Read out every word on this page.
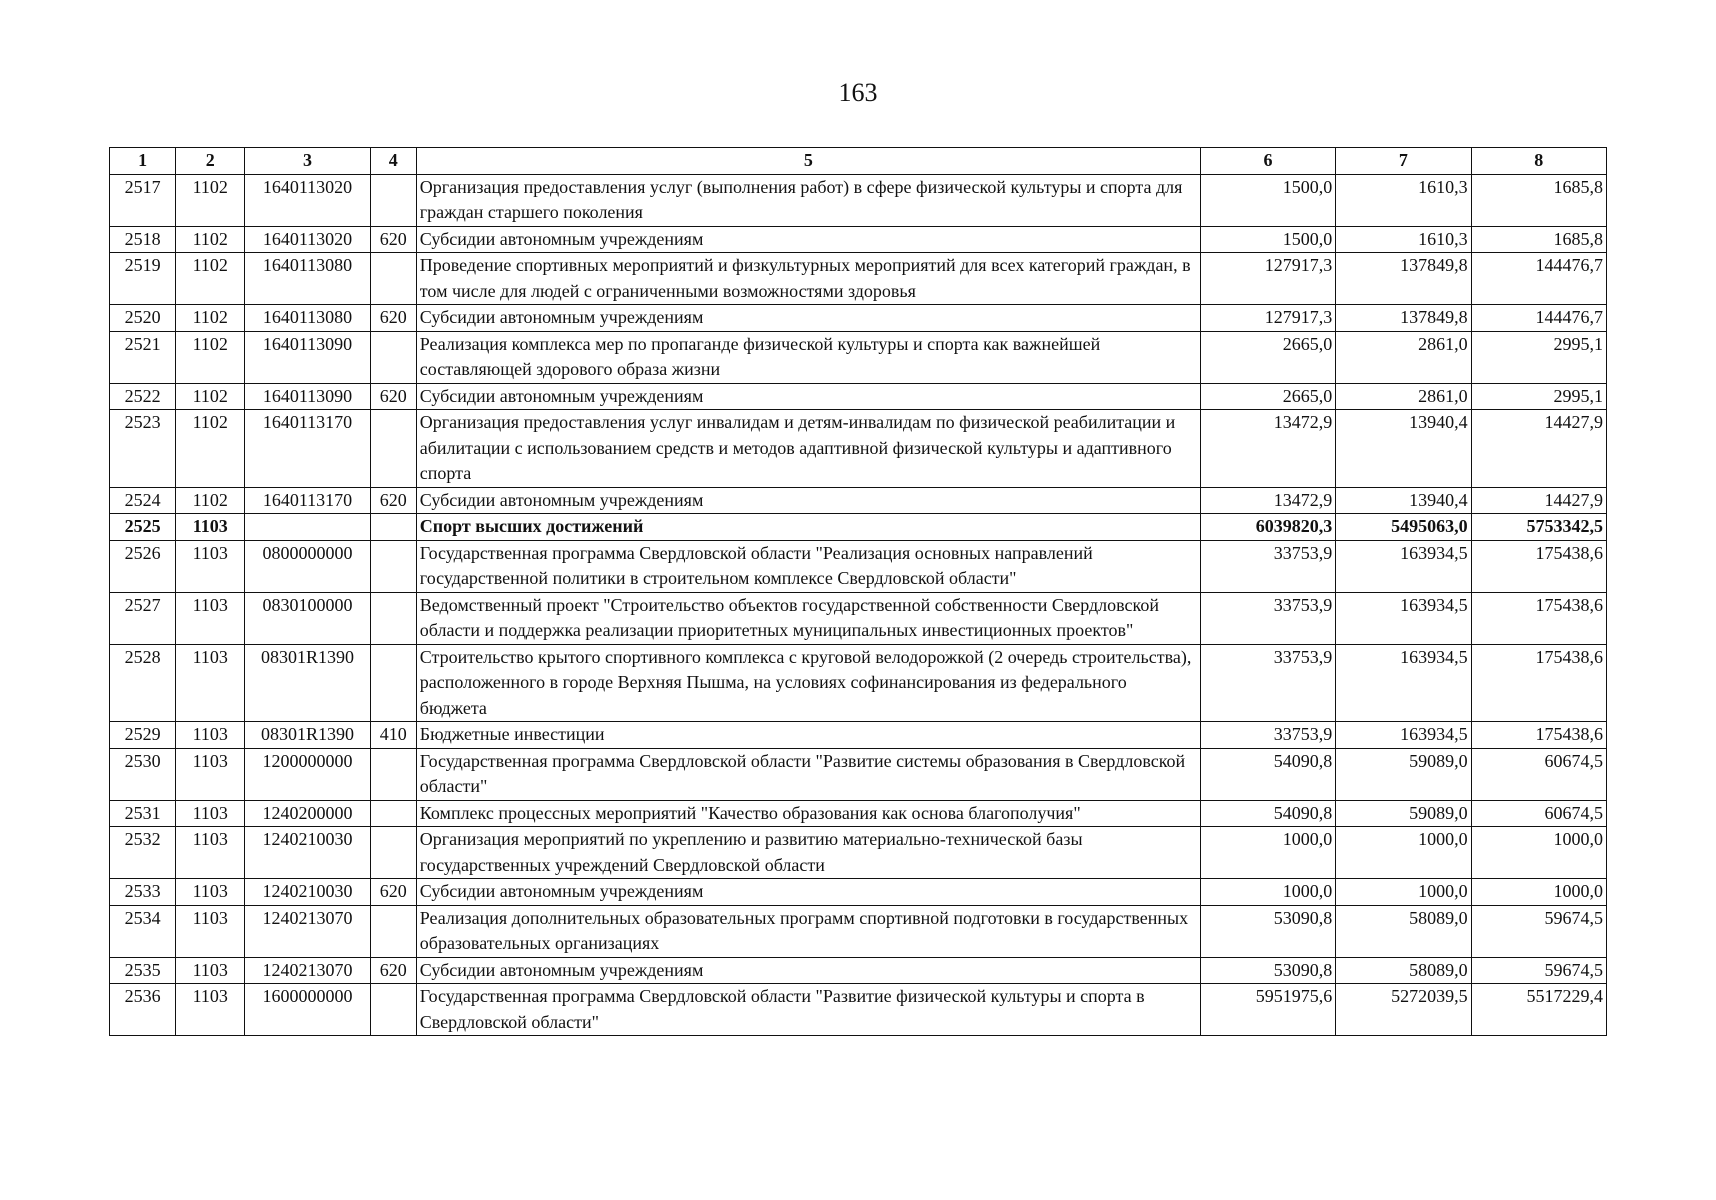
163
1	2	3	4	5	6	7	8
2517	1102	1640113020		Организация предоставления услуг (выполнения работ) в сфере физической культуры и спорта для граждан старшего поколения	1500,0	1610,3	1685,8
2518	1102	1640113020	620	Субсидии автономным учреждениям	1500,0	1610,3	1685,8
2519	1102	1640113080		Проведение спортивных мероприятий и физкультурных мероприятий для всех категорий граждан, в том числе для людей с ограниченными возможностями здоровья	127917,3	137849,8	144476,7
2520	1102	1640113080	620	Субсидии автономным учреждениям	127917,3	137849,8	144476,7
2521	1102	1640113090		Реализация комплекса мер по пропаганде физической культуры и спорта как важнейшей составляющей здорового образа жизни	2665,0	2861,0	2995,1
2522	1102	1640113090	620	Субсидии автономным учреждениям	2665,0	2861,0	2995,1
2523	1102	1640113170		Организация предоставления услуг инвалидам и детям-инвалидам по физической реабилитации и абилитации с использованием средств и методов адаптивной физической культуры и адаптивного спорта	13472,9	13940,4	14427,9
2524	1102	1640113170	620	Субсидии автономным учреждениям	13472,9	13940,4	14427,9
2525	1103			Спорт высших достижений	6039820,3	5495063,0	5753342,5
2526	1103	0800000000		Государственная программа Свердловской области "Реализация основных направлений государственной политики в строительном комплексе Свердловской области"	33753,9	163934,5	175438,6
2527	1103	0830100000		Ведомственный проект "Строительство объектов государственной собственности Свердловской области и поддержка реализации приоритетных муниципальных инвестиционных проектов"	33753,9	163934,5	175438,6
2528	1103	08301R1390		Строительство крытого спортивного комплекса с круговой велодорожкой (2 очередь строительства), расположенного в городе Верхняя Пышма, на условиях софинансирования из федерального бюджета	33753,9	163934,5	175438,6
2529	1103	08301R1390	410	Бюджетные инвестиции	33753,9	163934,5	175438,6
2530	1103	1200000000		Государственная программа Свердловской области "Развитие системы образования в Свердловской области"	54090,8	59089,0	60674,5
2531	1103	1240200000		Комплекс процессных мероприятий "Качество образования как основа благополучия"	54090,8	59089,0	60674,5
2532	1103	1240210030		Организация мероприятий по укреплению и развитию материально-технической базы государственных учреждений Свердловской области	1000,0	1000,0	1000,0
2533	1103	1240210030	620	Субсидии автономным учреждениям	1000,0	1000,0	1000,0
2534	1103	1240213070		Реализация дополнительных образовательных программ спортивной подготовки в государственных образовательных организациях	53090,8	58089,0	59674,5
2535	1103	1240213070	620	Субсидии автономным учреждениям	53090,8	58089,0	59674,5
2536	1103	1600000000		Государственная программа Свердловской области "Развитие физической культуры и спорта в Свердловской области"	5951975,6	5272039,5	5517229,4
